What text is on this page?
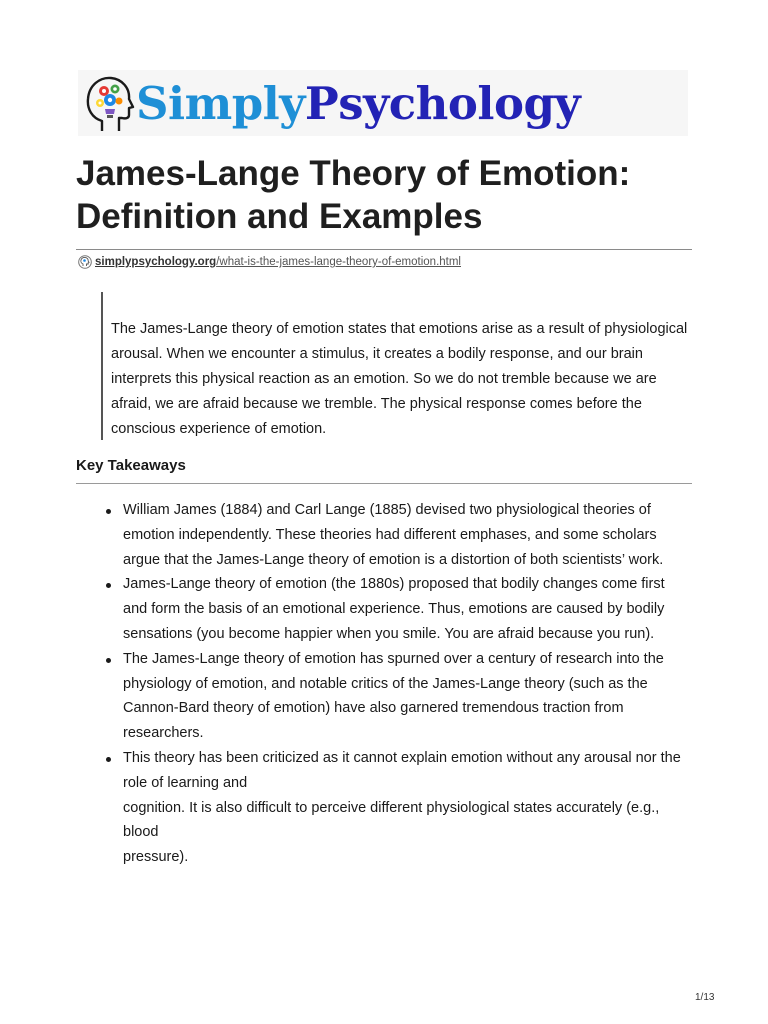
SimplyPsychology
James-Lange Theory of Emotion:
Definition and Examples
simplypsychology.org /what-is-the-james-lange-theory-of-emotion.html

The James-Lange theory of emotion states that emotions arise as a result of physiological arousal. When we encounter a stimulus, it creates a bodily response, and our brain interprets this physical reaction as an emotion. So we do not tremble because we are afraid, we are afraid because we tremble. The physical response comes before the conscious experience of emotion.

Key Takeaways
William James (1884) and Carl Lange (1885) devised two physiological theories of emotion independently. These theories had different emphases, and some scholars argue that the James-Lange theory of emotion is a distortion of both scientists’ work.
James-Lange theory of emotion (the 1880s) proposed that bodily changes come first and form the basis of an emotional experience. Thus, emotions are caused by bodily sensations (you become happier when you smile. You are afraid because you run).
The James-Lange theory of emotion has spurned over a century of research into the physiology of emotion, and notable critics of the James-Lange theory (such as the Cannon-Bard theory of emotion) have also garnered tremendous traction from researchers.
This theory has been criticized as it cannot explain emotion without any arousal nor the role of learning and
cognition. It is also difficult to perceive different physiological states accurately (e.g., blood
pressure).
1/13
